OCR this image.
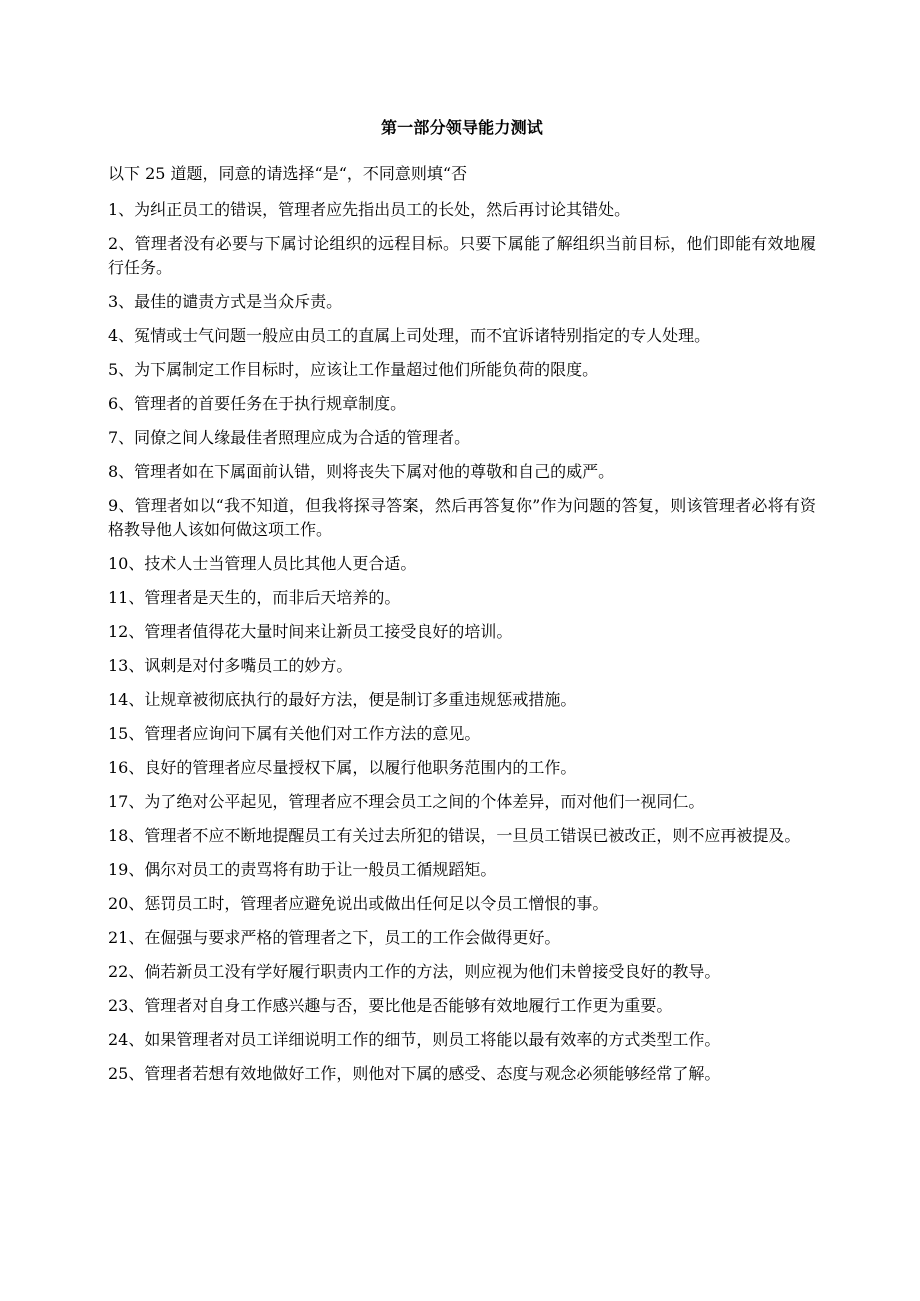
第一部分领导能力测试
以下 25 道题，同意的请选择“是“，不同意则填“否
1、为纠正员工的错误，管理者应先指出员工的长处，然后再讨论其错处。
2、管理者没有必要与下属讨论组织的远程目标。只要下属能了解组织当前目标，他们即能有效地履行任务。
3、最佳的谴责方式是当众斥责。
4、冤情或士气问题一般应由员工的直属上司处理，而不宜诉诸特别指定的专人处理。
5、为下属制定工作目标时，应该让工作量超过他们所能负荷的限度。
6、管理者的首要任务在于执行规章制度。
7、同僚之间人缘最佳者照理应成为合适的管理者。
8、管理者如在下属面前认错，则将丧失下属对他的尊敬和自己的威严。
9、管理者如以“我不知道，但我将探寻答案，然后再答复你”作为问题的答复，则该管理者必将有资格教导他人该如何做这项工作。
10、技术人士当管理人员比其他人更合适。
11、管理者是天生的，而非后天培养的。
12、管理者值得花大量时间来让新员工接受良好的培训。
13、讽刺是对付多嘴员工的妙方。
14、让规章被彻底执行的最好方法，便是制订多重违规惩戒措施。
15、管理者应询问下属有关他们对工作方法的意见。
16、良好的管理者应尽量授权下属，以履行他职务范围内的工作。
17、为了绝对公平起见，管理者应不理会员工之间的个体差异，而对他们一视同仁。
18、管理者不应不断地提醒员工有关过去所犯的错误，一旦员工错误已被改正，则不应再被提及。
19、偶尔对员工的责骂将有助于让一般员工循规蹈矩。
20、惩罚员工时，管理者应避免说出或做出任何足以令员工憎恨的事。
21、在倔强与要求严格的管理者之下，员工的工作会做得更好。
22、倘若新员工没有学好履行职责内工作的方法，则应视为他们未曾接受良好的教导。
23、管理者对自身工作感兴趣与否，要比他是否能够有效地履行工作更为重要。
24、如果管理者对员工详细说明工作的细节，则员工将能以最有效率的方式类型工作。
25、管理者若想有效地做好工作，则他对下属的感受、态度与观念必须能够经常了解。
